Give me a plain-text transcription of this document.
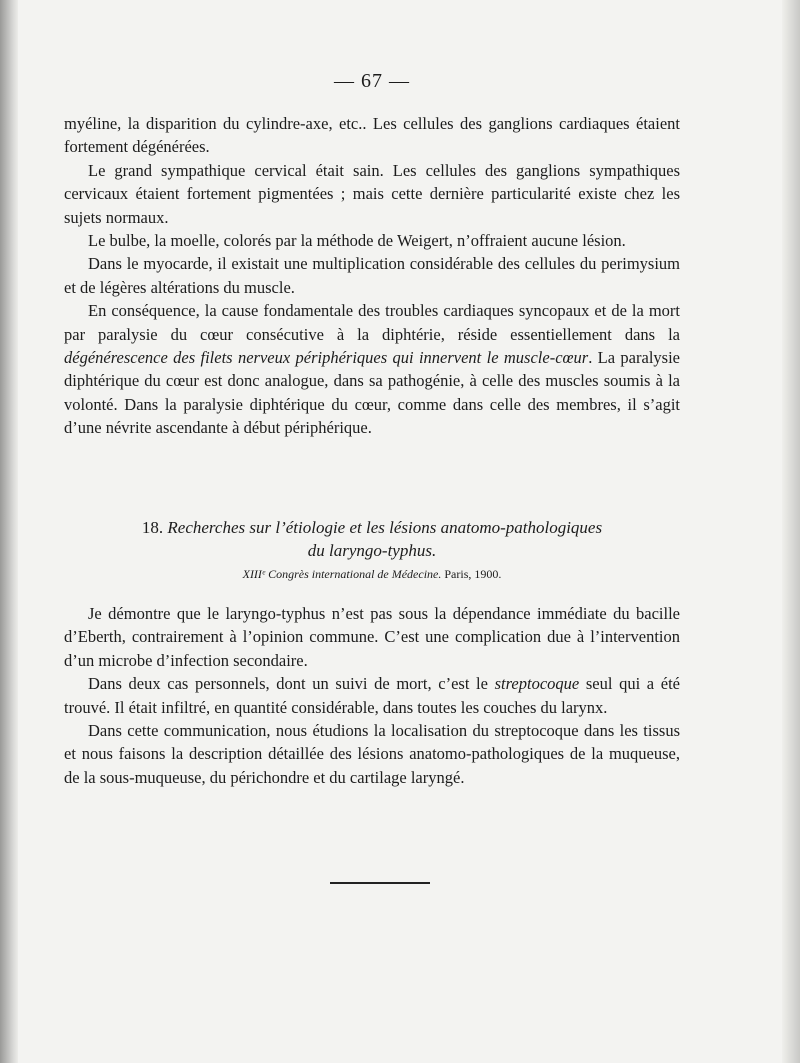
— 67 —

myéline, la disparition du cylindre-axe, etc.. Les cellules des ganglions cardiaques étaient fortement dégénérées.

Le grand sympathique cervical était sain. Les cellules des ganglions sympathiques cervicaux étaient fortement pigmentées ; mais cette dernière particularité existe chez les sujets normaux.

Le bulbe, la moelle, colorés par la méthode de Weigert, n’offraient aucune lésion.

Dans le myocarde, il existait une multiplication considérable des cellules du perimysium et de légères altérations du muscle.

En conséquence, la cause fondamentale des troubles cardiaques syncopaux et de la mort par paralysie du cœur consécutive à la diphtérie, réside essentiellement dans la dégénérescence des filets nerveux périphériques qui innervent le muscle-cœur. La paralysie diphtérique du cœur est donc analogue, dans sa pathogénie, à celle des muscles soumis à la volonté. Dans la paralysie diphtérique du cœur, comme dans celle des membres, il s’agit d’une névrite ascendante à début périphérique.

18. Recherches sur l’étiologie et les lésions anatomo-pathologiques
du laryngo-typhus.
XIIIᵉ Congrès international de Médecine. Paris, 1900.

Je démontre que le laryngo-typhus n’est pas sous la dépendance immédiate du bacille d’Eberth, contrairement à l’opinion commune. C’est une complication due à l’intervention d’un microbe d’infection secondaire.

Dans deux cas personnels, dont un suivi de mort, c’est le streptocoque seul qui a été trouvé. Il était infiltré, en quantité considérable, dans toutes les couches du larynx.

Dans cette communication, nous étudions la localisation du streptocoque dans les tissus et nous faisons la description détaillée des lésions anatomo-pathologiques de la muqueuse, de la sous-muqueuse, du périchondre et du cartilage laryngé.
